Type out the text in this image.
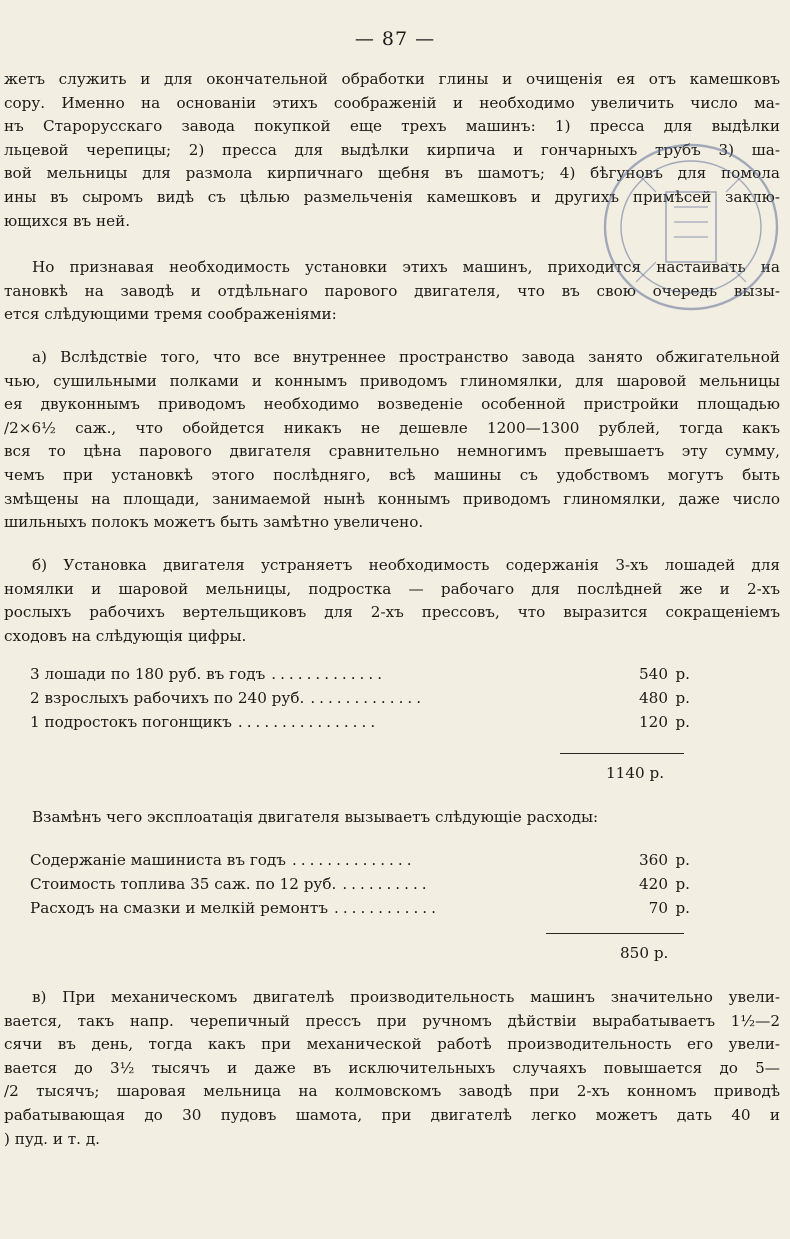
— 87 —
жетъ служить и для окончательной обработки глины и очищенія ея отъ камешковъ
сору. Именно на основаніи этихъ соображеній и необходимо увеличить число ма-
нъ Старорусскаго завода покупкой еще трехъ машинъ: 1) пресса для выдѣлки
льцевой черепицы; 2) пресса для выдѣлки кирпича и гончарныхъ трубъ 3) ша-
вой мельницы для размола кирпичнаго щебня въ шамотъ; 4) бѣгуновъ для помола
ины въ сыромъ видѣ съ цѣлью размельченія камешковъ и другихъ примѣсей заклю-
ющихся въ ней.
Но признавая необходимость установки этихъ машинъ, приходится настаивать на
тановкѣ на заводѣ и отдѣльнаго парового двигателя, что въ свою очередь вызы-
ется слѣдующими тремя соображеніями:
а) Вслѣдствіе того, что все внутреннее пространство завода занято обжигательной
чью, сушильными полками и коннымъ приводомъ глиномялки, для шаровой мельницы
ея двуконнымъ приводомъ необходимо возведеніе особенной пристройки площадью
/2×6½ саж., что обойдется никакъ не дешевле 1200—1300 рублей, тогда какъ
вся то цѣна парового двигателя сравнительно немногимъ превышаетъ эту сумму,
чемъ при установкѣ этого послѣдняго, всѣ машины съ удобствомъ могутъ быть
змѣщены на площади, занимаемой нынѣ коннымъ приводомъ глиномялки, даже число
шильныхъ полокъ можетъ быть замѣтно увеличено.
б) Установка двигателя устраняетъ необходимость содержанія 3-хъ лошадей для
номялки и шаровой мельницы, подростка — рабочаго для послѣдней же и 2-хъ
рослыхъ рабочихъ вертельщиковъ для 2-хъ прессовъ, что выразится сокращеніемъ
сходовъ на слѣдующія цифры.
3 лошади по 180 руб. въ годъ .............	540 р.
2 взрослыхъ рабочихъ по 240 руб. .............	480 р.
1 подростокъ погонщикъ ................	120 р.
1140 р.
Взамѣнъ чего эксплоатація двигателя вызываетъ слѣдующіе расходы:
Содержаніе машиниста въ годъ ..............	360 р.
Стоимость топлива 35 саж. по 12 руб. ..........	420 р.
Расходъ на смазки и мелкій ремонтъ ............	70 р.
850 р.
в) При механическомъ двигателѣ производительность машинъ значительно увели-
вается, такъ напр. черепичный прессъ при ручномъ дѣйствіи вырабатываетъ 1½—2
сячи въ день, тогда какъ при механической работѣ производительность его увели-
вается до 3½ тысячъ и даже въ исключительныхъ случаяхъ повышается до 5—
/2 тысячъ; шаровая мельница на колмовскомъ заводѣ при 2-хъ конномъ приводѣ
рабатывающая до 30 пудовъ шамота, при двигателѣ легко можетъ дать 40 и
) пуд. и т. д.
